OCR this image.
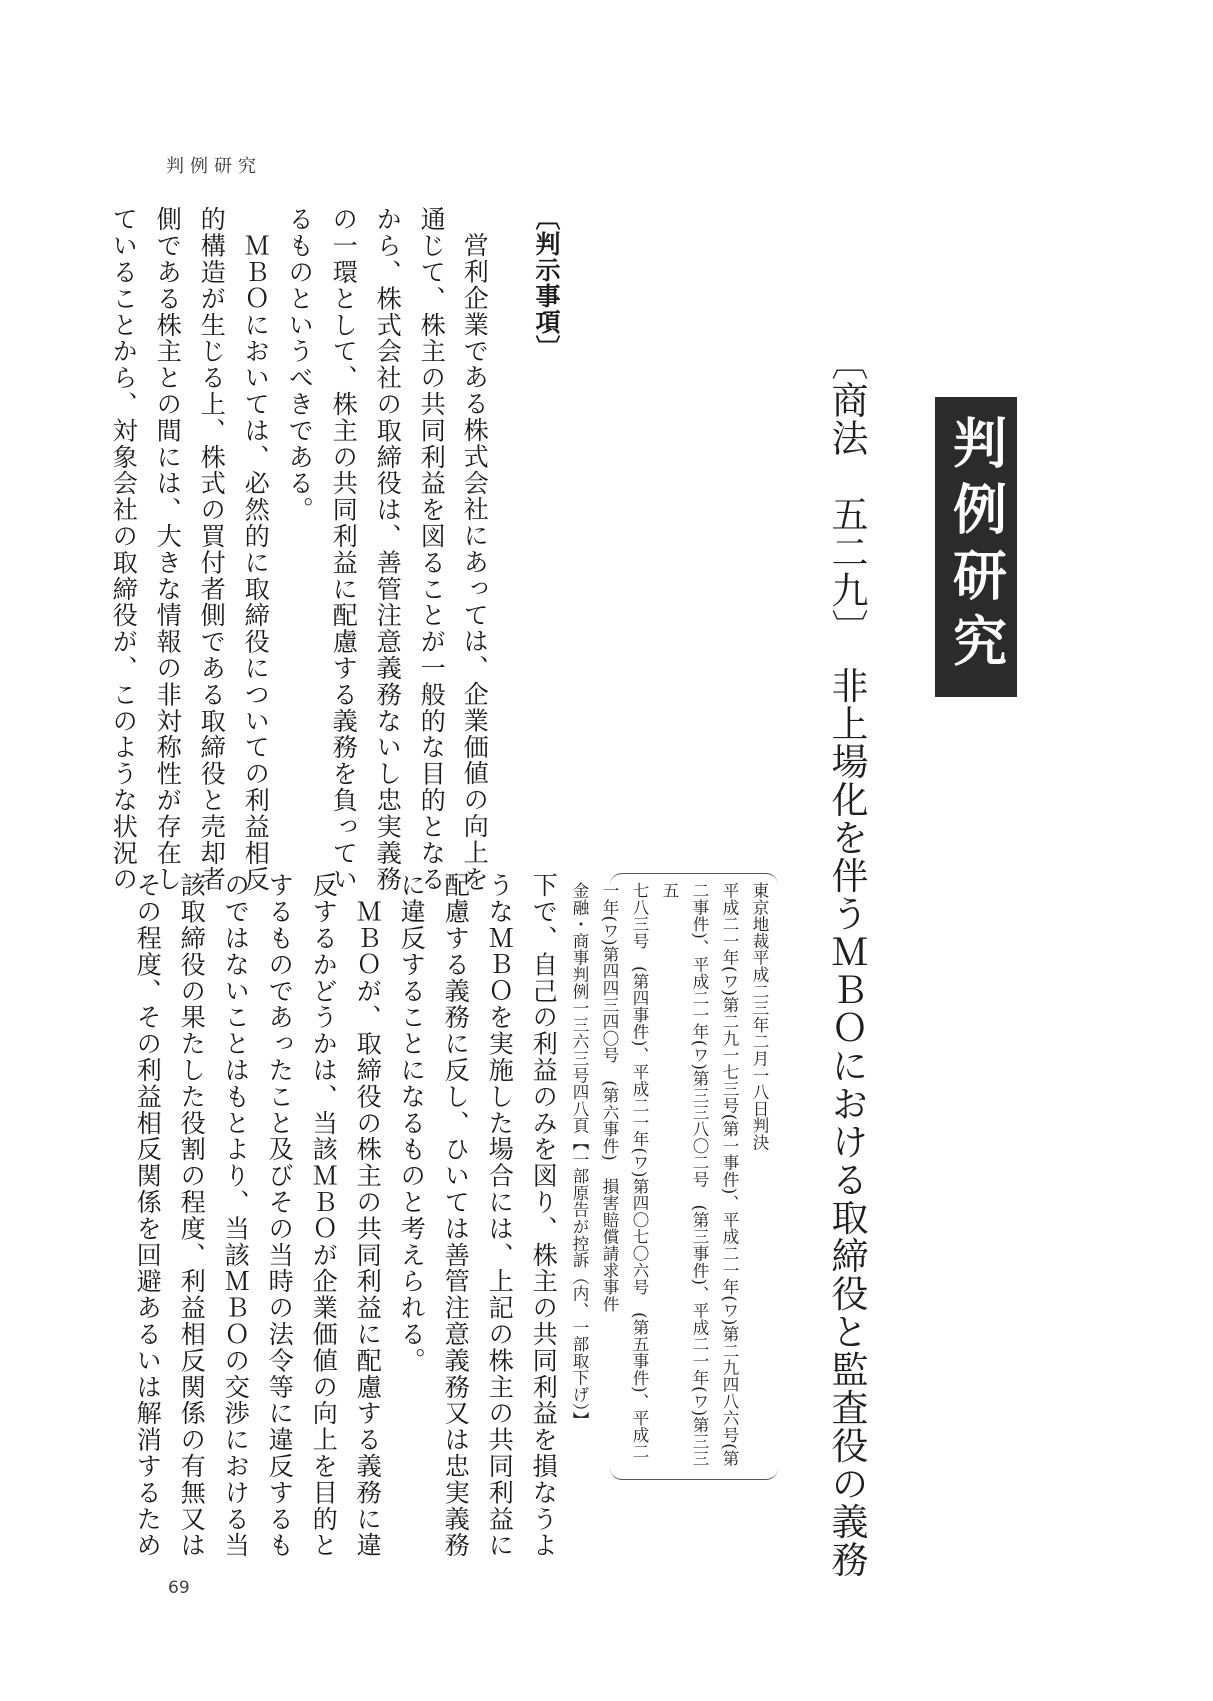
判例研究
判例研究
〔商法　五二九〕　非上場化を伴うＭＢＯにおける取締役と監査役の義務
東京地裁平成二三年二月一八日判決
平成二一年(ワ)第二九一七三号(第一事件)、平成二一年(ワ)第二九四八六号(第
二事件)、平成二一年(ワ)第三三八〇二号　(第三事件)、平成二一年(ワ)第三三五
七八三号　(第四事件)、平成二一年(ワ)第四〇七〇六号　(第五事件)、平成二
一年(ワ)第四四三四〇号　(第六事件)　損害賠償請求事件
金融・商事判例一三六三号四八頁【一部原告が控訴（内、一部取下げ）】
〔判示事項〕
営利企業である株式会社にあっては、企業価値の向上を
通じて、株主の共同利益を図ることが一般的な目的となる
から、株式会社の取締役は、善管注意義務ないし忠実義務
の一環として、株主の共同利益に配慮する義務を負ってい
るものというべきである。
　ＭＢＯにおいては、必然的に取締役についての利益相反
的構造が生じる上、株式の買付者側である取締役と売却者
側である株主との間には、大きな情報の非対称性が存在し
ていることから、対象会社の取締役が、このような状況の
下で、自己の利益のみを図り、株主の共同利益を損なうよ
うなＭＢＯを実施した場合には、上記の株主の共同利益に
配慮する義務に反し、ひいては善管注意義務又は忠実義務
に違反することになるものと考えられる。
　ＭＢＯが、取締役の株主の共同利益に配慮する義務に違
反するかどうかは、当該ＭＢＯが企業価値の向上を目的と
するものであったこと及びその当時の法令等に違反するも
のではないことはもとより、当該ＭＢＯの交渉における当
該取締役の果たした役割の程度、利益相反関係の有無又は
その程度、その利益相反関係を回避あるいは解消するため
69
